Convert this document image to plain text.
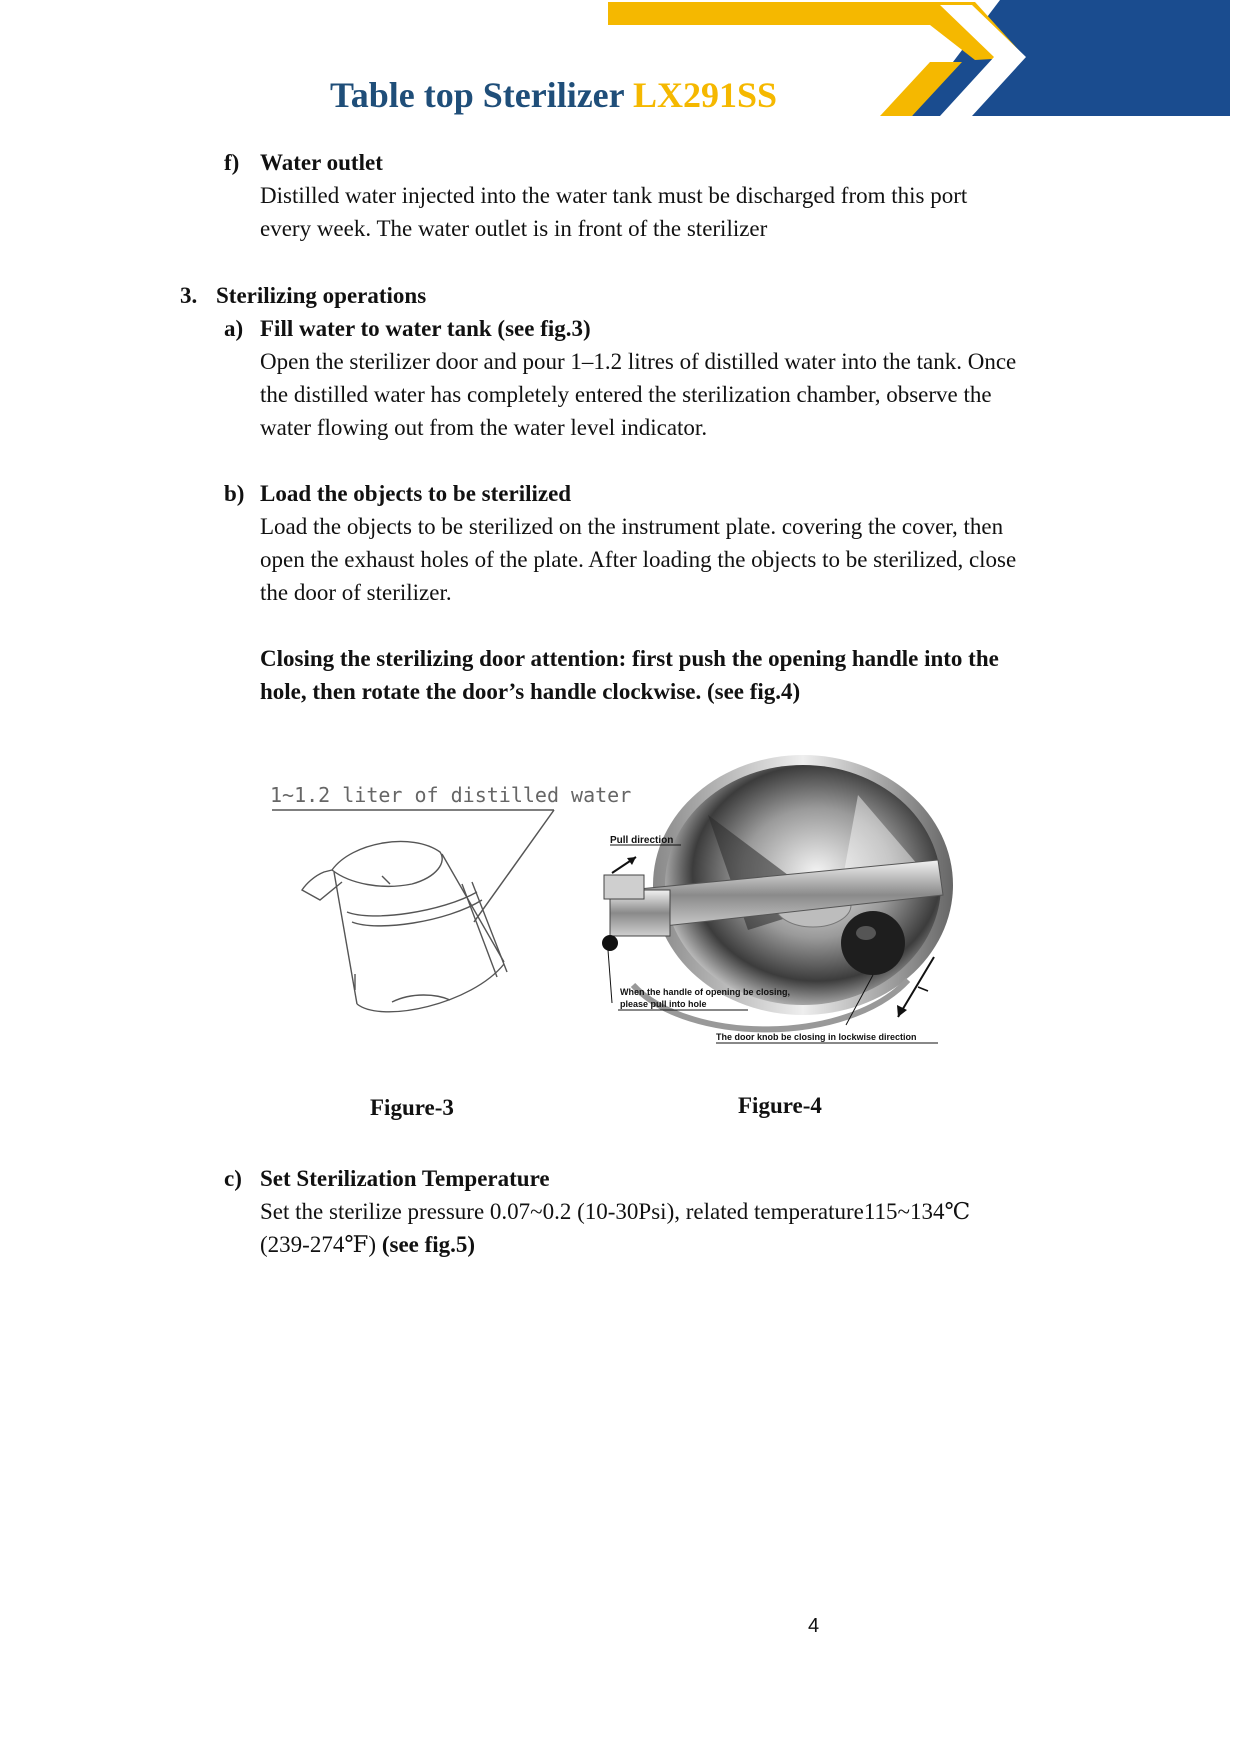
Table top Sterilizer LX291SS
f) Water outlet

Distilled water injected into the water tank must be discharged from this port

every week. The water outlet is in front of the sterilizer

3. Sterilizing operations
a) Fill water to water tank (see fig.3)

Open the sterilizer door and pour 1–1.2 litres of distilled water into the tank. Once

the distilled water has completely entered the sterilization chamber, observe the

water flowing out from the water level indicator.

b) Load the objects to be sterilized

Load the objects to be sterilized on the instrument plate. covering the cover, then

open the exhaust holes of the plate. After loading the objects to be sterilized, close

the door of sterilizer.

Closing the sterilizing door attention: first push the opening handle into the

hole, then rotate the door’s handle clockwise. (see fig.4)

1~1.2 liter of distilled water
Pull direction
When the handle of opening be closing,
please pull into hole
The door knob be closing in lockwise direction
Figure-3	Figure-4
c) Set Sterilization Temperature

Set the sterilize pressure 0.07~0.2 (10-30Psi), related temperature115~134℃

(239-274℉) (see fig.5)

4
